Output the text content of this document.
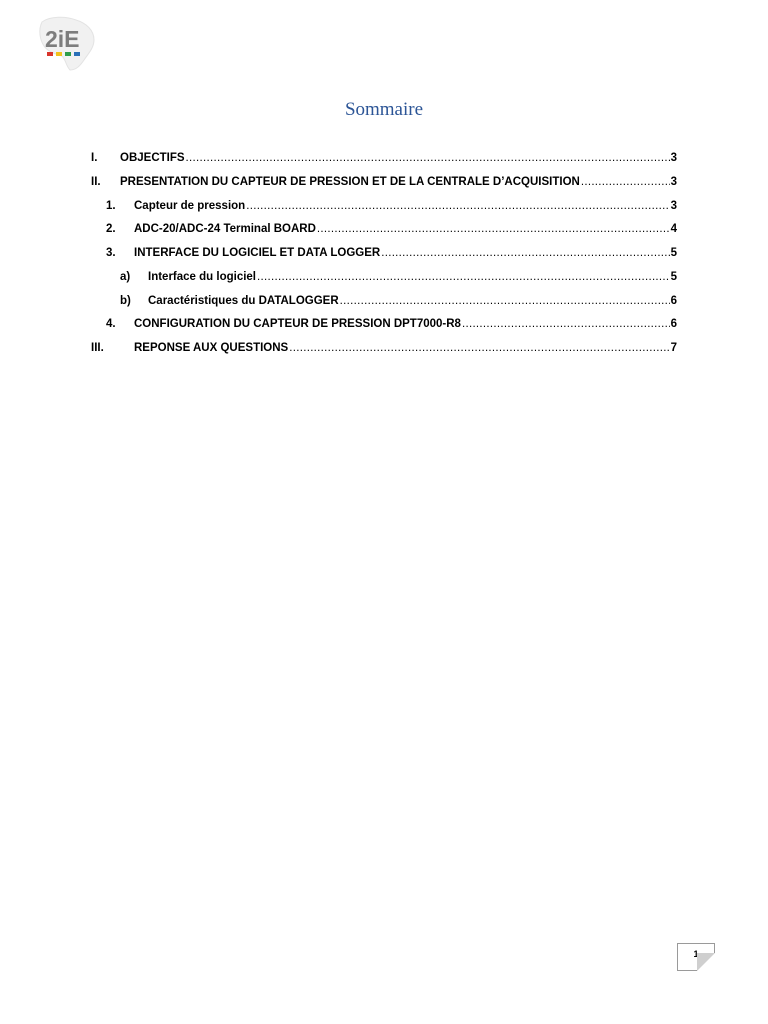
2iE
Sommaire
I.	OBJECTIFS .....	3
II.	PRESENTATION DU CAPTEUR DE PRESSION ET DE LA CENTRALE D’ACQUISITION .....	3
1.	Capteur de pression .....	3
2.	ADC-20/ADC-24 Terminal BOARD .....	4
3.	INTERFACE DU LOGICIEL ET DATA LOGGER .....	5
a)	Interface du logiciel .....	5
b)	Caractéristiques du DATALOGGER .....	6
4.	CONFIGURATION DU CAPTEUR DE PRESSION DPT7000-R8 .....	6
III.	REPONSE AUX QUESTIONS .....	7
1
